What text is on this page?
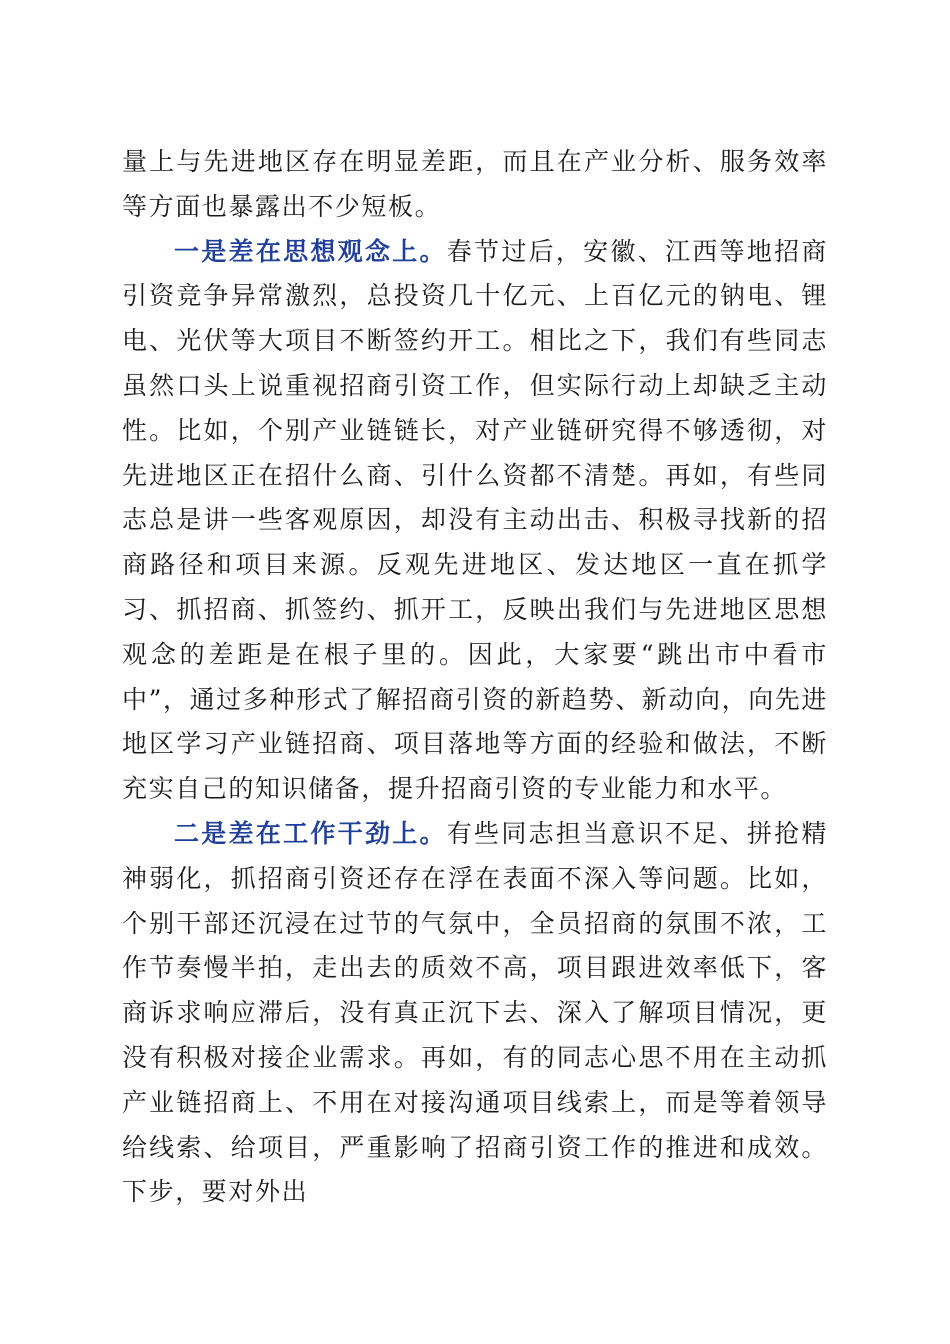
量上与先进地区存在明显差距，而且在产业分析、服务效率等方面也暴露出不少短板。

一是差在思想观念上。春节过后，安徽、江西等地招商引资竞争异常激烈，总投资几十亿元、上百亿元的钠电、锂电、光伏等大项目不断签约开工。相比之下，我们有些同志虽然口头上说重视招商引资工作，但实际行动上却缺乏主动性。比如，个别产业链链长，对产业链研究得不够透彻，对先进地区正在招什么商、引什么资都不清楚。再如，有些同志总是讲一些客观原因，却没有主动出击、积极寻找新的招商路径和项目来源。反观先进地区、发达地区一直在抓学习、抓招商、抓签约、抓开工，反映出我们与先进地区思想观念的差距是在根子里的。因此，大家要“跳出市中看市中”，通过多种形式了解招商引资的新趋势、新动向，向先进地区学习产业链招商、项目落地等方面的经验和做法，不断充实自己的知识储备，提升招商引资的专业能力和水平。

二是差在工作干劲上。有些同志担当意识不足、拼抢精神弱化，抓招商引资还存在浮在表面不深入等问题。比如，个别干部还沉浸在过节的气氛中，全员招商的氛围不浓，工作节奏慢半拍，走出去的质效不高，项目跟进效率低下，客商诉求响应滞后，没有真正沉下去、深入了解项目情况，更没有积极对接企业需求。再如，有的同志心思不用在主动抓产业链招商上、不用在对接沟通项目线索上，而是等着领导给线索、给项目，严重影响了招商引资工作的推进和成效。下步，要对外出
